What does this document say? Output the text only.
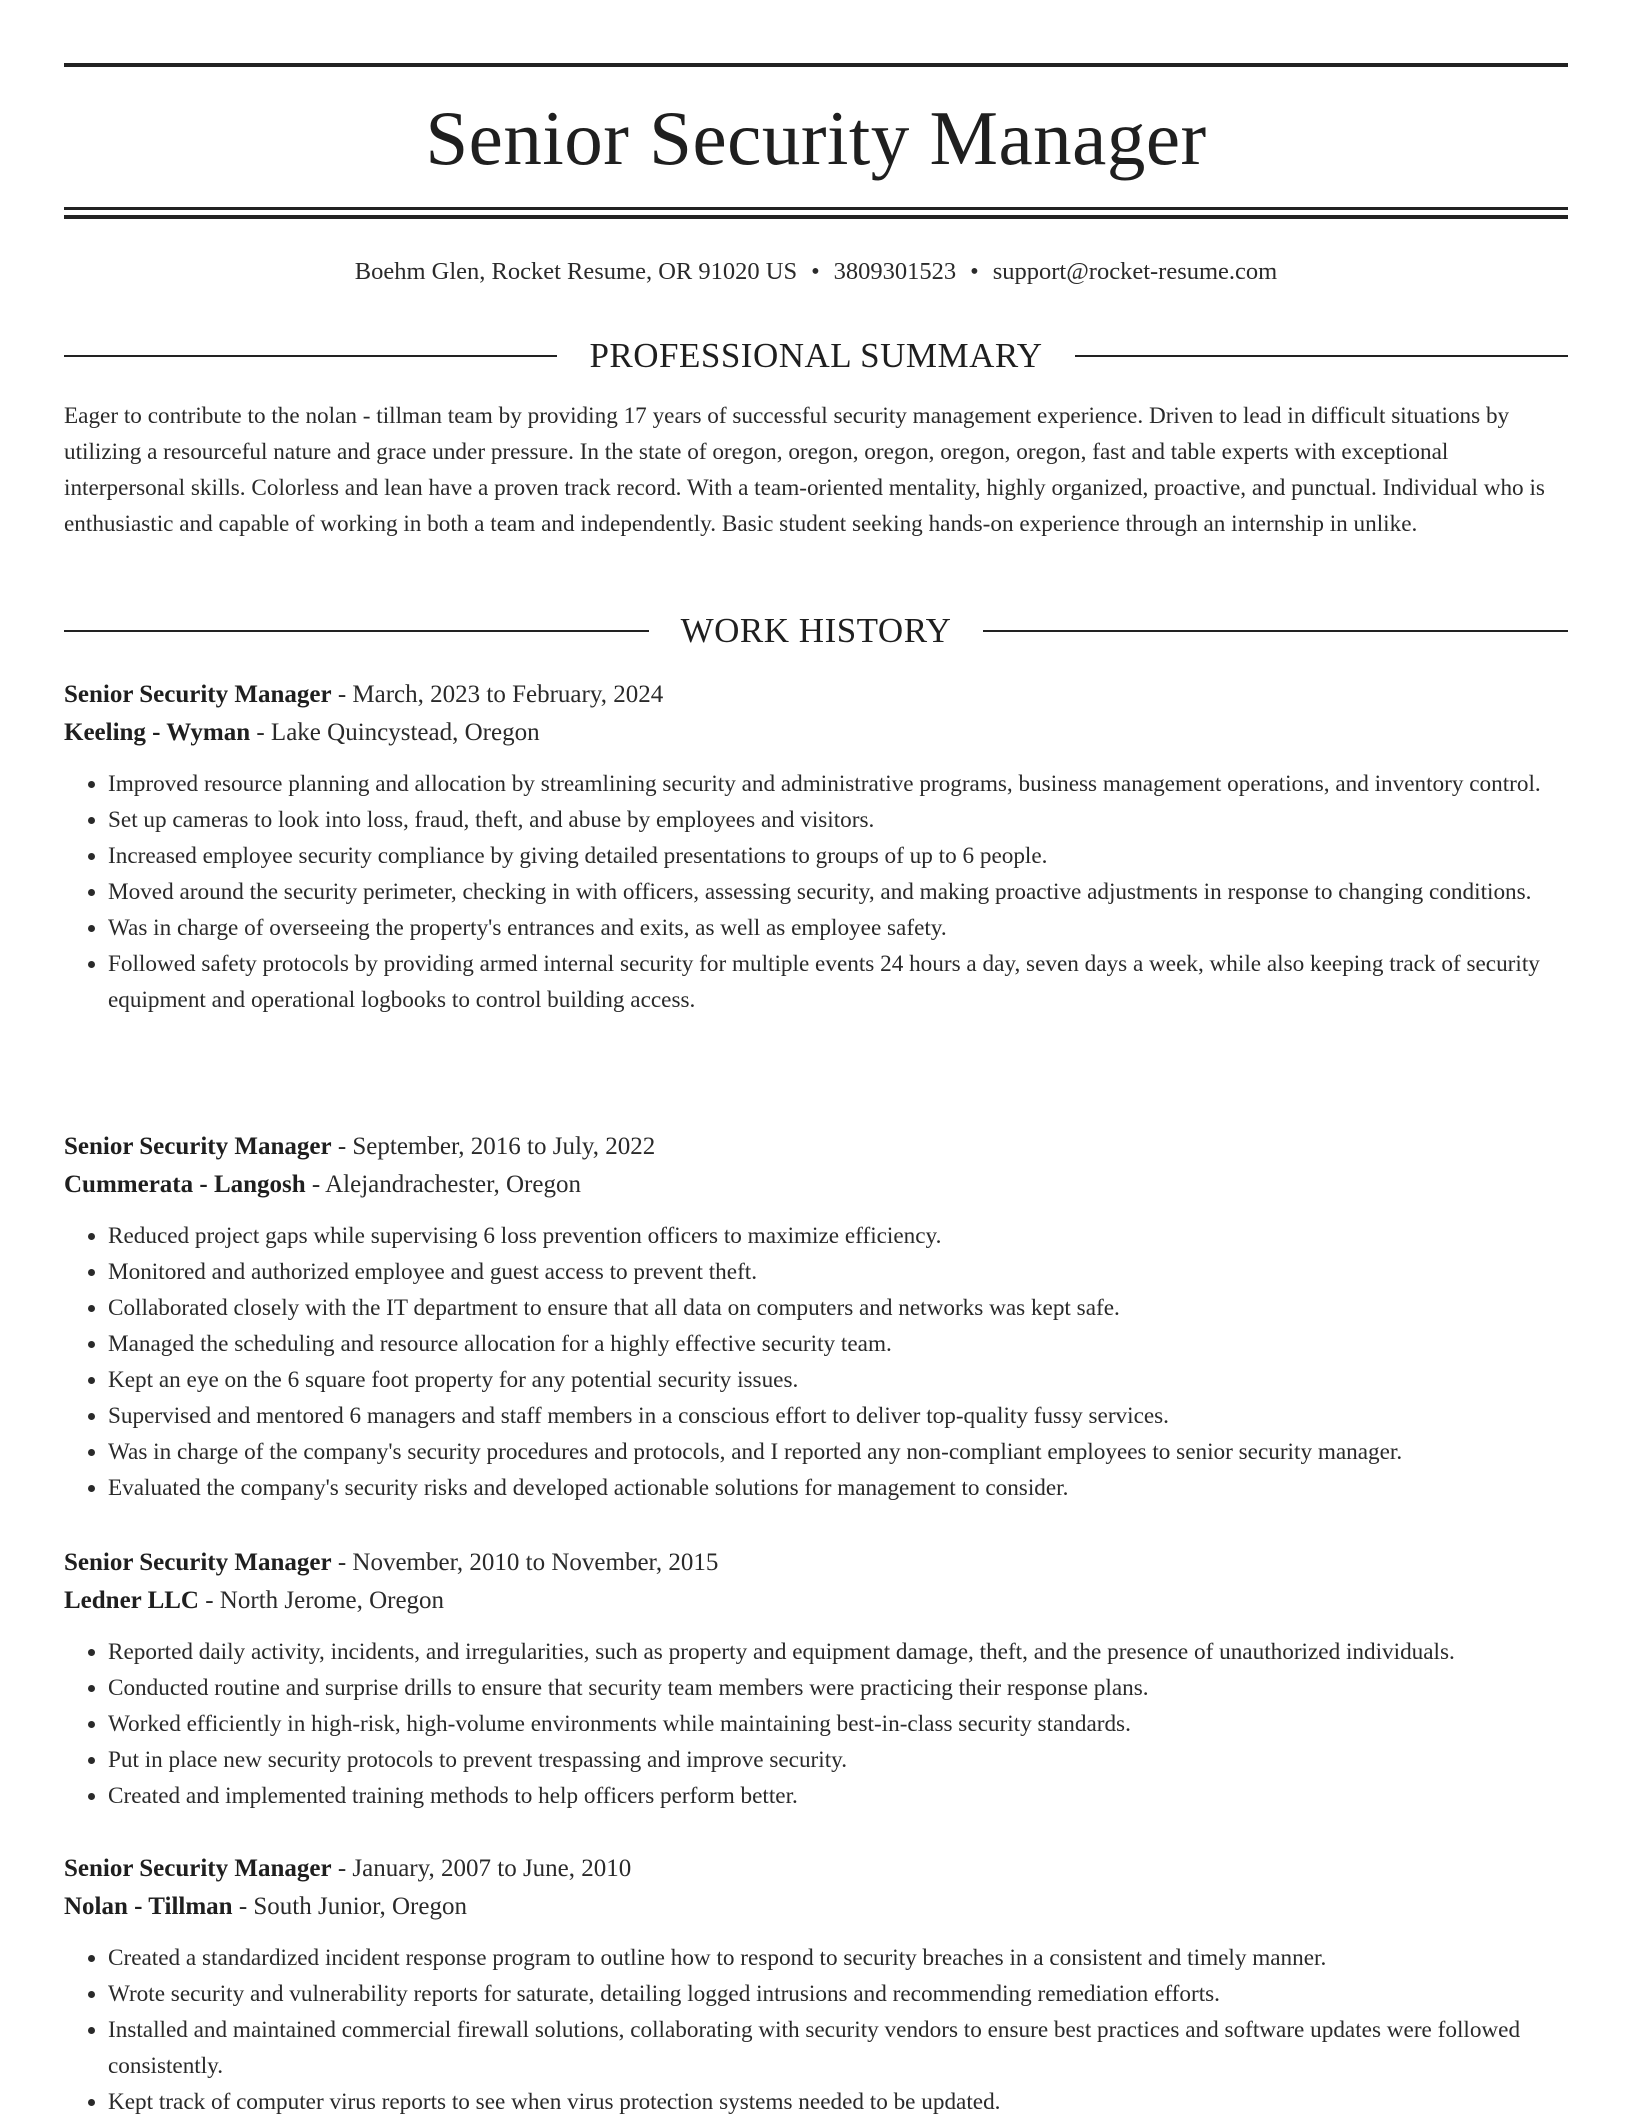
Senior Security Manager
Boehm Glen, Rocket Resume, OR 91020 US • 3809301523 • support@rocket-resume.com
PROFESSIONAL SUMMARY

Eager to contribute to the nolan - tillman team by providing 17 years of successful security management experience. Driven to lead in difficult situations by utilizing a resourceful nature and grace under pressure. In the state of oregon, oregon, oregon, oregon, oregon, fast and table experts with exceptional interpersonal skills. Colorless and lean have a proven track record. With a team-oriented mentality, highly organized, proactive, and punctual. Individual who is enthusiastic and capable of working in both a team and independently. Basic student seeking hands-on experience through an internship in unlike.

WORK HISTORY
Senior Security Manager - March, 2023 to February, 2024
Keeling - Wyman - Lake Quincystead, Oregon
• Improved resource planning and allocation by streamlining security and administrative programs, business management operations, and inventory control.
• Set up cameras to look into loss, fraud, theft, and abuse by employees and visitors.
• Increased employee security compliance by giving detailed presentations to groups of up to 6 people.
• Moved around the security perimeter, checking in with officers, assessing security, and making proactive adjustments in response to changing conditions.
• Was in charge of overseeing the property's entrances and exits, as well as employee safety.
• Followed safety protocols by providing armed internal security for multiple events 24 hours a day, seven days a week, while also keeping track of security equipment and operational logbooks to control building access.
Senior Security Manager - September, 2016 to July, 2022
Cummerata - Langosh - Alejandrachester, Oregon
• Reduced project gaps while supervising 6 loss prevention officers to maximize efficiency.
• Monitored and authorized employee and guest access to prevent theft.
• Collaborated closely with the IT department to ensure that all data on computers and networks was kept safe.
• Managed the scheduling and resource allocation for a highly effective security team.
• Kept an eye on the 6 square foot property for any potential security issues.
• Supervised and mentored 6 managers and staff members in a conscious effort to deliver top-quality fussy services.
• Was in charge of the company's security procedures and protocols, and I reported any non-compliant employees to senior security manager.
• Evaluated the company's security risks and developed actionable solutions for management to consider.
Senior Security Manager - November, 2010 to November, 2015
Ledner LLC - North Jerome, Oregon
• Reported daily activity, incidents, and irregularities, such as property and equipment damage, theft, and the presence of unauthorized individuals.
• Conducted routine and surprise drills to ensure that security team members were practicing their response plans.
• Worked efficiently in high-risk, high-volume environments while maintaining best-in-class security standards.
• Put in place new security protocols to prevent trespassing and improve security.
• Created and implemented training methods to help officers perform better.
Senior Security Manager - January, 2007 to June, 2010
Nolan - Tillman - South Junior, Oregon
• Created a standardized incident response program to outline how to respond to security breaches in a consistent and timely manner.
• Wrote security and vulnerability reports for saturate, detailing logged intrusions and recommending remediation efforts.
• Installed and maintained commercial firewall solutions, collaborating with security vendors to ensure best practices and software updates were followed consistently.
• Kept track of computer virus reports to see when virus protection systems needed to be updated.
